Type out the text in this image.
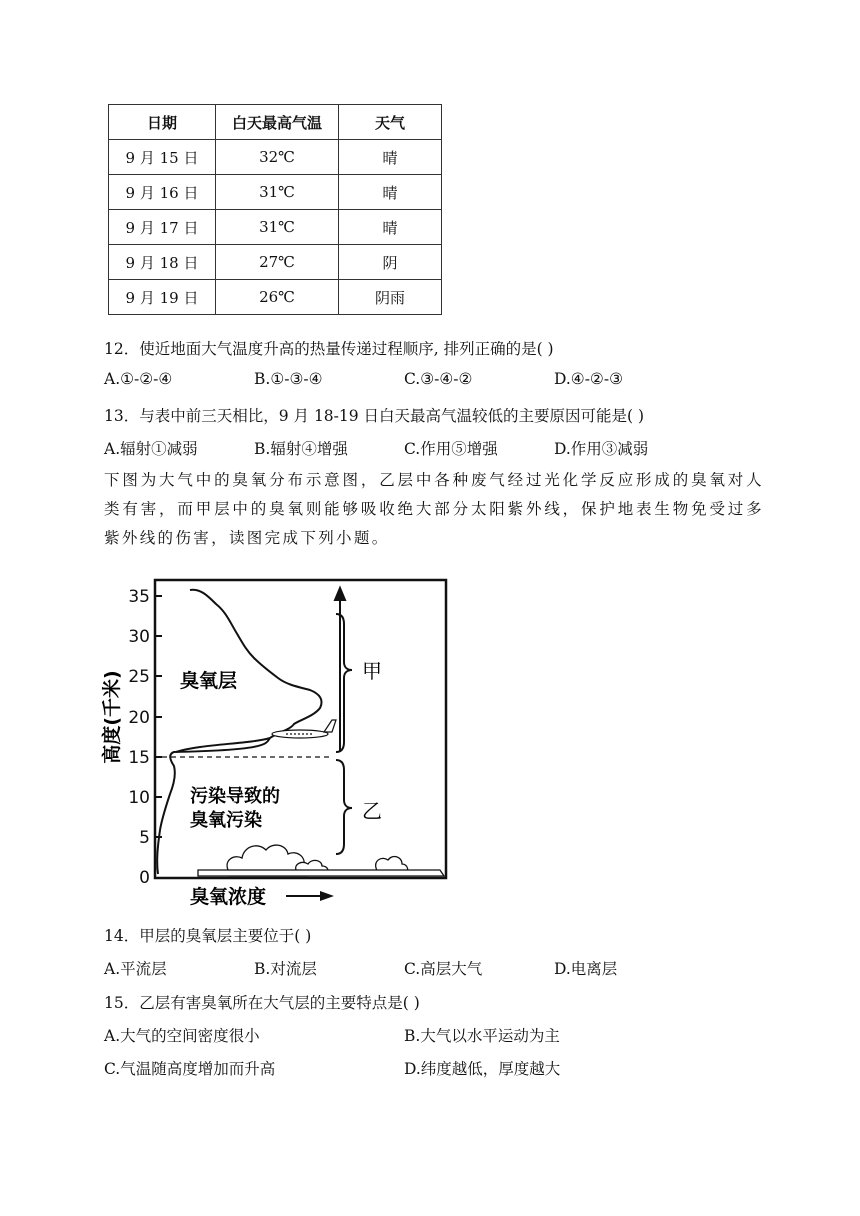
日期	白天最高气温	天气
9 月 15 日	32℃	晴
9 月 16 日	31℃	晴
9 月 17 日	31℃	晴
9 月 18 日	27℃	阴
9 月 19 日	26℃	阴雨
12．使近地面大气温度升高的热量传递过程顺序, 排列正确的是( )
A.①-②-④	B.①-③-④	C.③-④-②	D.④-②-③
13．与表中前三天相比，9 月 18-19 日白天最高气温较低的主要原因可能是( )
A.辐射①减弱	B.辐射④增强	C.作用⑤增强	D.作用③减弱
下图为大气中的臭氧分布示意图，乙层中各种废气经过光化学反应形成的臭氧对人类有害，而甲层中的臭氧则能够吸收绝大部分太阳紫外线，保护地表生物免受过多紫外线的伤害，读图完成下列小题。
35
30
25
20
15
10
5
0
高度(千米)	甲
乙
臭氧层
污染导致的
臭氧污染
臭氧浓度
14．甲层的臭氧层主要位于( )
A.平流层	B.对流层	C.高层大气	D.电离层
15．乙层有害臭氧所在大气层的主要特点是( )
A.大气的空间密度很小	B.大气以水平运动为主
C.气温随高度增加而升高	D.纬度越低，厚度越大
